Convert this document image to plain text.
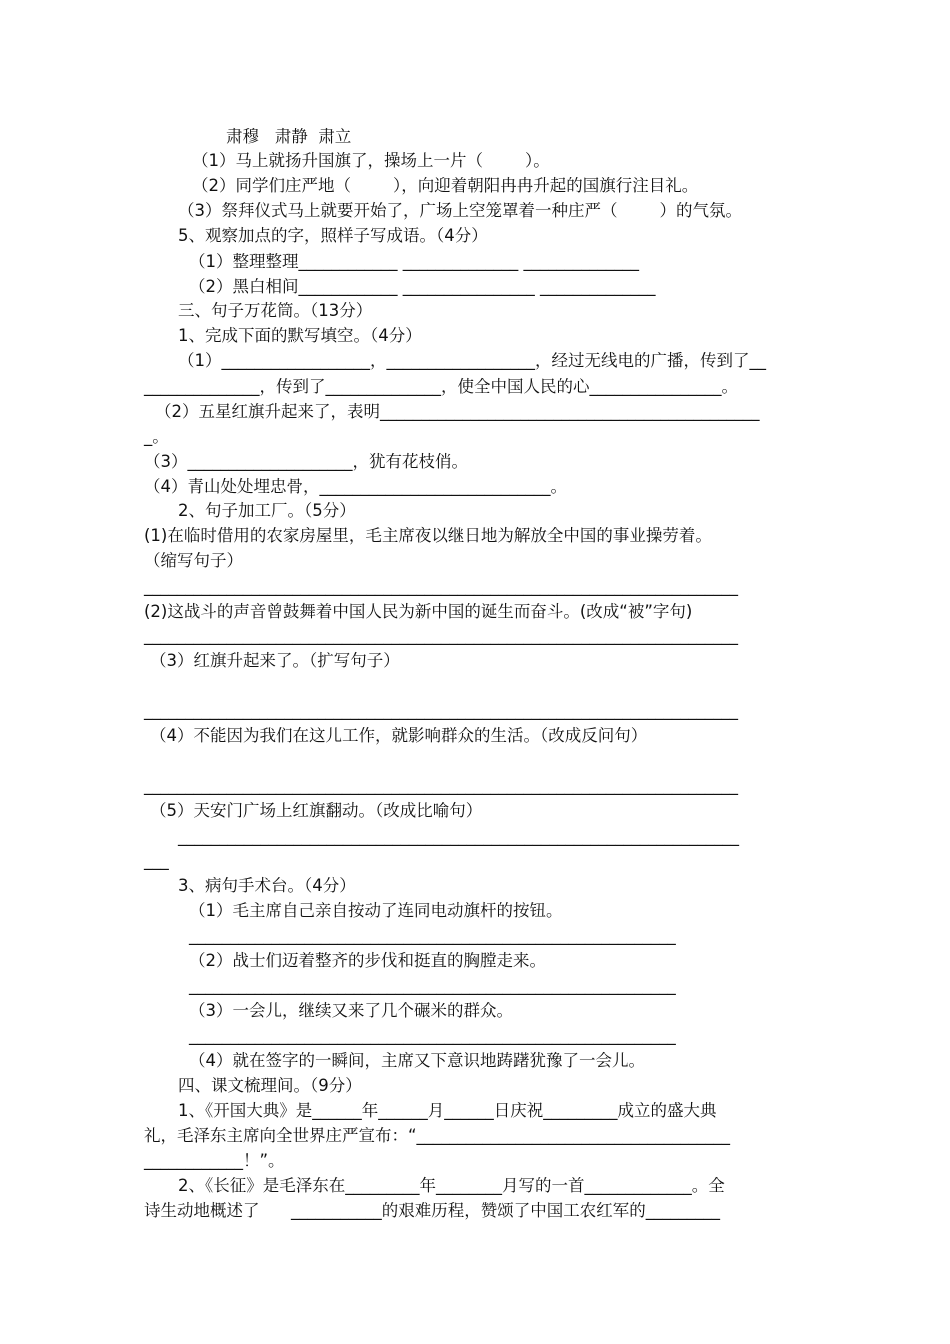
肃穆   肃静  肃立
（1）马上就扬升国旗了，操场上一片（        ）。
（2）同学们庄严地（        ），向迎着朝阳冉冉升起的国旗行注目礼。
（3）祭拜仪式马上就要开始了，广场上空笼罩着一种庄严（        ）的气氛。
5、观察加点的字，照样子写成语。（4分）
（1）整理整理____________ ______________ ______________
（2）黑白相间____________ ________________ ______________
三、句子万花筒。（13分）
1、完成下面的默写填空。（4分）
（1）__________________，__________________，经过无线电的广播，传到了__
______________，传到了______________，使全中国人民的心________________。
（2）五星红旗升起来了，表明______________________________________________
_。
（3）____________________，犹有花枝俏。
（4）青山处处埋忠骨，____________________________。
2、句子加工厂。（5分）
(1)在临时借用的农家房屋里，毛主席夜以继日地为解放全中国的事业操劳着。
（缩写句子）
________________________________________________________________________
(2)这战斗的声音曾鼓舞着中国人民为新中国的诞生而奋斗。(改成“被”字句)
________________________________________________________________________
（3）红旗升起来了。（扩写句子）
________________________________________________________________________
（4）不能因为我们在这儿工作，就影响群众的生活。（改成反问句）
________________________________________________________________________
（5）天安门广场上红旗翻动。（改成比喻句）
____________________________________________________________________
___
3、病句手术台。（4分）
（1）毛主席自己亲自按动了连同电动旗杆的按钮。
___________________________________________________________
（2）战士们迈着整齐的步伐和挺直的胸膛走来。
___________________________________________________________
（3）一会儿，继续又来了几个碾米的群众。
___________________________________________________________
（4）就在签字的一瞬间，主席又下意识地踌躇犹豫了一会儿。
四、课文梳理间。（9分）
1、《开国大典》是______年______月______日庆祝_________成立的盛大典
礼，毛泽东主席向全世界庄严宣布：“______________________________________
____________！”。
2、《长征》是毛泽东在_________年________月写的一首_____________。全
诗生动地概述了      ___________的艰难历程，赞颂了中国工农红军的_________
